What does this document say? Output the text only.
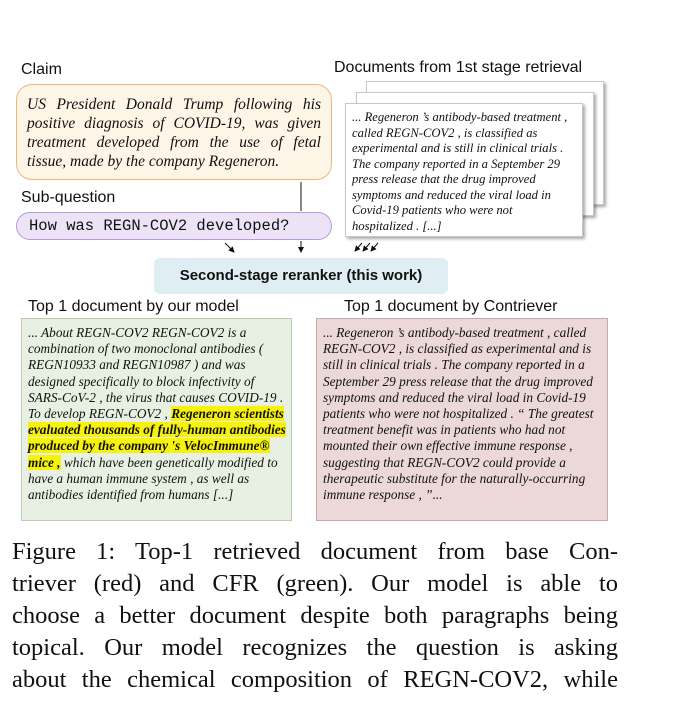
Claim	Documents from 1st stage retrieval
Sub-question
US President Donald Trump following his positive diagnosis of COVID-19, was given treatment developed from the use of fetal tissue, made by the company Regeneron.
How was REGN-COV2 developed?
... Regeneron ’s antibody-based treatment , called REGN-COV2 , is classified as experimental and is still in clinical trials . The company reported in a September 29 press release that the drug improved symptoms and reduced the viral load in Covid-19 patients who were not hospitalized . [...]
Second-stage reranker (this work)
Top 1 document by our model	Top 1 document by Contriever
... About REGN-COV2 REGN-COV2 is a combination of two monoclonal antibodies ( REGN10933 and REGN10987 ) and was designed specifically to block infectivity of SARS-CoV-2 , the virus that causes COVID-19 . To develop REGN-COV2 , Regeneron scientists evaluated thousands of fully-human antibodies produced by the company 's VelocImmune® mice , which have been genetically modified to have a human immune system , as well as antibodies identified from humans [...]
... Regeneron ’s antibody-based treatment , called REGN-COV2 , is classified as experimental and is still in clinical trials . The company reported in a September 29 press release that the drug improved symptoms and reduced the viral load in Covid-19 patients who were not hospitalized . “ The greatest treatment benefit was in patients who had not mounted their own effective immune response , suggesting that REGN-COV2 could provide a therapeutic substitute for the naturally-occurring immune response , ”...
Figure 1: Top-1 retrieved document from base Con-
triever (red) and CFR (green). Our model is able to
choose a better document despite both paragraphs being
topical. Our model recognizes the question is asking
about the chemical composition of REGN-COV2, while
